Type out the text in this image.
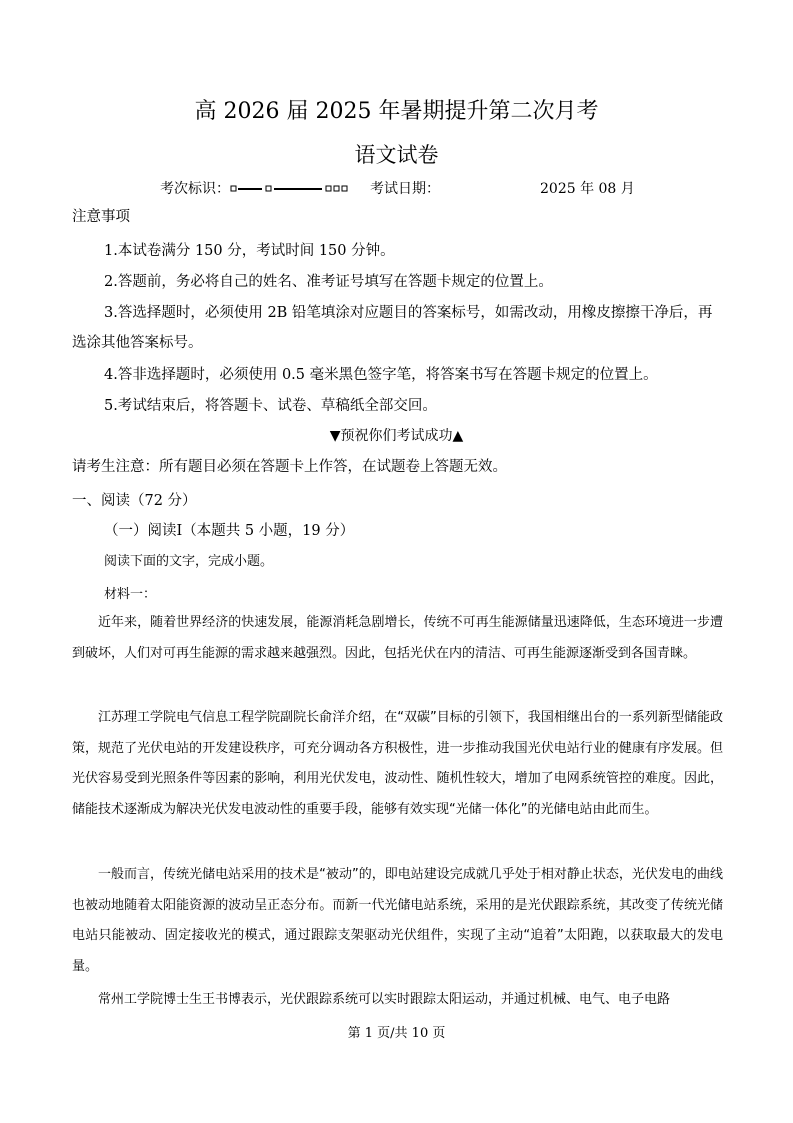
高 2026 届 2025 年暑期提升第二次月考
语文试卷
考次标识：	考试日期：	2025 年 08 月
注意事项
1.本试卷满分 150 分，考试时间 150 分钟。
2.答题前，务必将自己的姓名、准考证号填写在答题卡规定的位置上。
3.答选择题时，必须使用 2B 铅笔填涂对应题目的答案标号，如需改动，用橡皮擦擦干净后，再选涂其他答案标号。
4.答非选择题时，必须使用 0.5 毫米黑色签字笔，将答案书写在答题卡规定的位置上。
5.考试结束后，将答题卡、试卷、草稿纸全部交回。
▼预祝你们考试成功▲
请考生注意：所有题目必须在答题卡上作答，在试题卷上答题无效。
一、阅读（72 分）
（一）阅读Ⅰ（本题共 5 小题，19 分）
阅读下面的文字，完成小题。
材料一：

近年来，随着世界经济的快速发展，能源消耗急剧增长，传统不可再生能源储量迅速降低，生态环境进一步遭到破坏，人们对可再生能源的需求越来越强烈。因此，包括光伏在内的清洁、可再生能源逐渐受到各国青睐。

江苏理工学院电气信息工程学院副院长俞洋介绍，在“双碳”目标的引领下，我国相继出台的一系列新型储能政策，规范了光伏电站的开发建设秩序，可充分调动各方积极性，进一步推动我国光伏电站行业的健康有序发展。但光伏容易受到光照条件等因素的影响，利用光伏发电，波动性、随机性较大，增加了电网系统管控的难度。因此，储能技术逐渐成为解决光伏发电波动性的重要手段，能够有效实现“光储一体化”的光储电站由此而生。

一般而言，传统光储电站采用的技术是“被动”的，即电站建设完成就几乎处于相对静止状态，光伏发电的曲线也被动地随着太阳能资源的波动呈正态分布。而新一代光储电站系统，采用的是光伏跟踪系统，其改变了传统光储电站只能被动、固定接收光的模式，通过跟踪支架驱动光伏组件，实现了主动“追着”太阳跑，以获取最大的发电量。

常州工学院博士生王书博表示，光伏跟踪系统可以实时跟踪太阳运动，并通过机械、电气、电子电路

第 1 页/共 10 页
